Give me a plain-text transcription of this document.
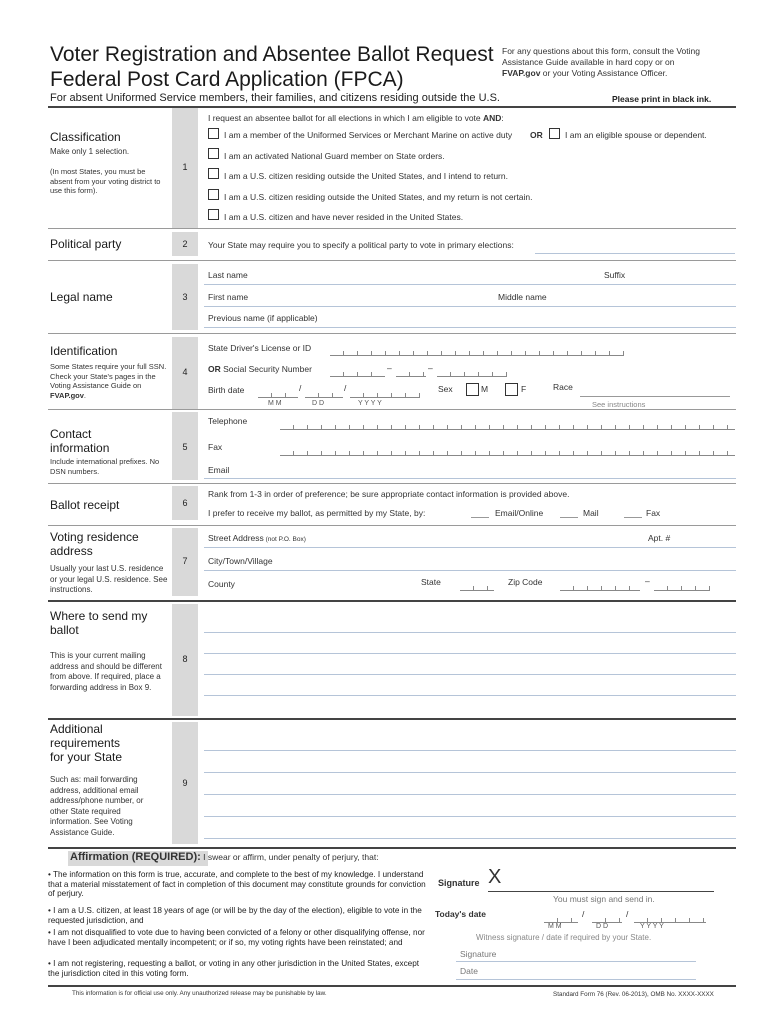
Voter Registration and Absentee Ballot Request
Federal Post Card Application (FPCA)
For any questions about this form, consult the Voting
Assistance Guide available in hard copy or on
FVAP.gov or your Voting Assistance Officer.
For absent Uniformed Service members, their families, and citizens residing outside the U.S.	Please print in black ink.
1
Classification
Make only 1 selection.
(In most States, you must be absent from your voting district to use this form).
I request an absentee ballot for all elections in which I am eligible to vote AND:
I am a member of the Uniformed Services or Merchant Marine on active duty OR	I am an eligible spouse or dependent.
I am an activated National Guard member on State orders.
I am a U.S. citizen residing outside the United States, and I intend to return.
I am a U.S. citizen residing outside the United States, and my return is not certain.
I am a U.S. citizen and have never resided in the United States.
2
Political party	Your State may require you to specify a political party to vote in primary elections:
3
Legal name
Last name	Suffix
First name	Middle name
Previous name (if applicable)
4
Identification
Some States require your full SSN. Check your State's pages in the Voting Assistance Guide on FVAP.gov.
State Driver's License or ID
OR Social Security Number	–	–
Birth date	/	/
M M	D D	Y Y Y Y
Sex	M	F	Race
See instructions
5
Contact
information
Include international prefixes. No DSN numbers.
Telephone
Fax
Email
6
Ballot receipt
Rank from 1-3 in order of preference; be sure appropriate contact information is provided above.
I prefer to receive my ballot, as permitted by my State, by:	Email/Online	Mail	Fax
7
Voting residence
address
Usually your last U.S. residence or your legal U.S. residence. See instructions.
Street Address (not P.O. Box)	Apt. #
City/Town/Village
County	State	Zip Code	–
8
Where to send my
ballot
This is your current mailing address and should be different from above. If required, place a forwarding address in Box 9.
9
Additional
requirements
for your State
Such as: mail forwarding address, additional email address/phone number, or other State required information. See Voting Assistance Guide.
Affirmation (REQUIRED): I swear or affirm, under penalty of perjury, that:
• The information on this form is true, accurate, and complete to the best of my knowledge. I understand that a material misstatement of fact in completion of this document may constitute grounds for conviction of perjury.
• I am a U.S. citizen, at least 18 years of age (or will be by the day of the election), eligible to vote in the requested jurisdiction, and
• I am not disqualified to vote due to having been convicted of a felony or other disqualifying offense, nor have I been adjudicated mentally incompetent; or if so, my voting rights have been reinstated; and
• I am not registering, requesting a ballot, or voting in any other jurisdiction in the United States, except the jurisdiction cited in this voting form.
Signature X
You must sign and send in.
Today's date	/	/
M M	D D	Y Y Y Y
Witness signature / date if required by your State.
Signature
Date
This information is for official use only. Any unauthorized release may be punishable by law.	Standard Form 76 (Rev. 06-2013), OMB No. XXXX-XXXX
